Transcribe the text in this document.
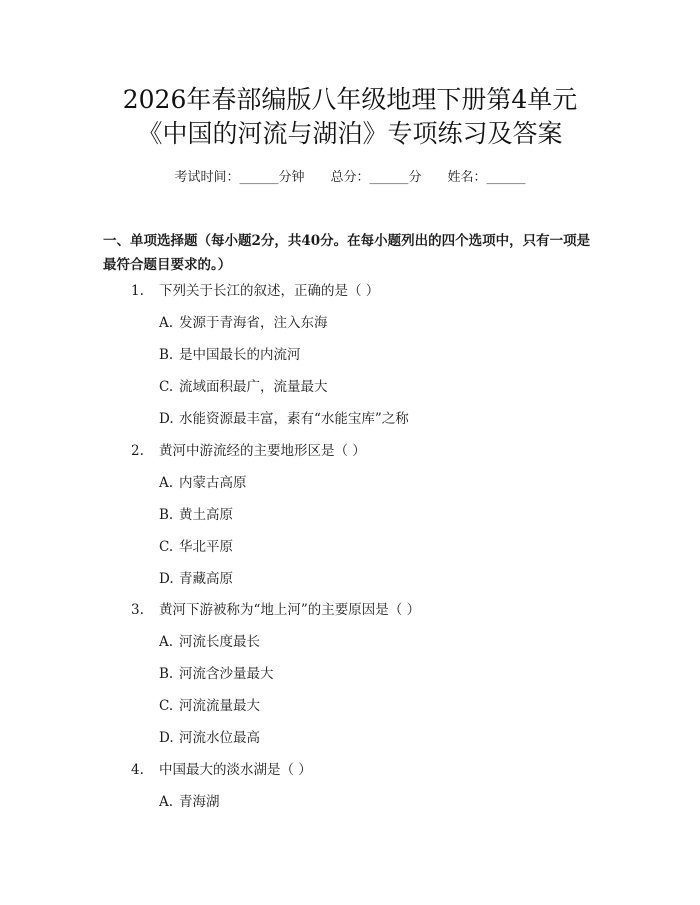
2026年春部编版八年级地理下册第4单元
《中国的河流与湖泊》专项练习及答案
考试时间：______分钟 总分：______分 姓名：______
一、单项选择题（每小题2分，共40分。在每小题列出的四个选项中，只有一项是最符合题目要求的。）
1. 下列关于长江的叙述，正确的是（ ）
A. 发源于青海省，注入东海
B. 是中国最长的内流河
C. 流域面积最广，流量最大
D. 水能资源最丰富，素有“水能宝库”之称
2. 黄河中游流经的主要地形区是（ ）
A. 内蒙古高原
B. 黄土高原
C. 华北平原
D. 青藏高原
3. 黄河下游被称为“地上河”的主要原因是（ ）
A. 河流长度最长
B. 河流含沙量最大
C. 河流流量最大
D. 河流水位最高
4. 中国最大的淡水湖是（ ）
A. 青海湖
